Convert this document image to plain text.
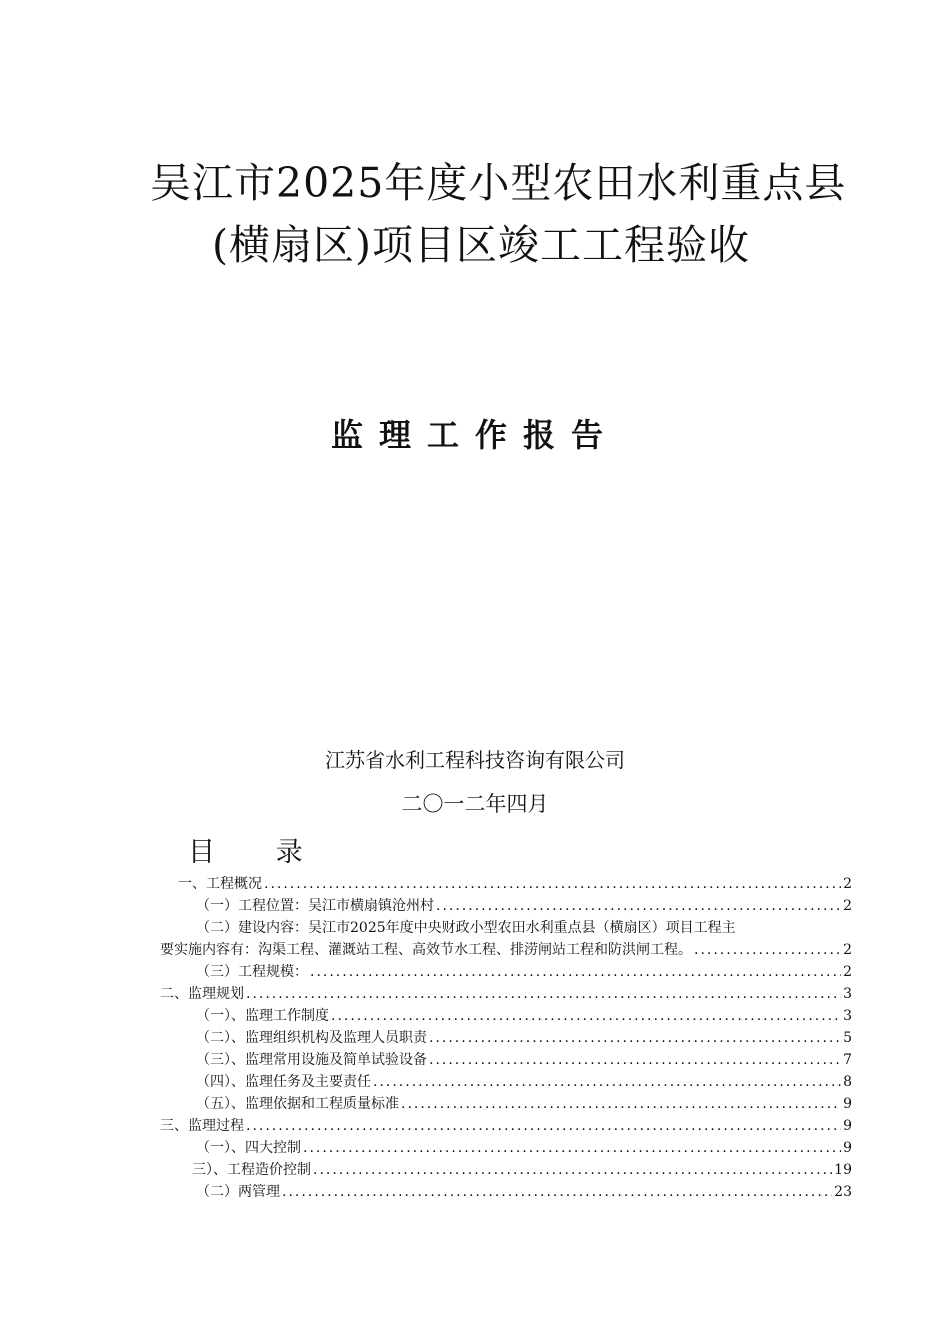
吴江市2025年度小型农田水利重点县
(横扇区)项目区竣工工程验收
监理工作报告
江苏省水利工程科技咨询有限公司
二〇一二年四月
目 录
一、工程概况 .....	2
（一）工程位置：吴江市横扇镇沧州村 .....	2
（二）建设内容：吴江市2025年度中央财政小型农田水利重点县（横扇区）项目工程主
要实施内容有：沟渠工程、灌溉站工程、高效节水工程、排涝闸站工程和防洪闸工程。 .....	2
（三）工程规模： .....	2
二、监理规划 .....	3
（一）、监理工作制度 .....	3
（二）、监理组织机构及监理人员职责 .....	5
（三）、监理常用设施及简单试验设备 .....	7
（四）、监理任务及主要责任 .....	8
（五）、监理依据和工程质量标准 .....	9
三、监理过程 .....	9
（一）、四大控制 .....	9
三）、工程造价控制 .....	19
（二）两管理 .....	23
